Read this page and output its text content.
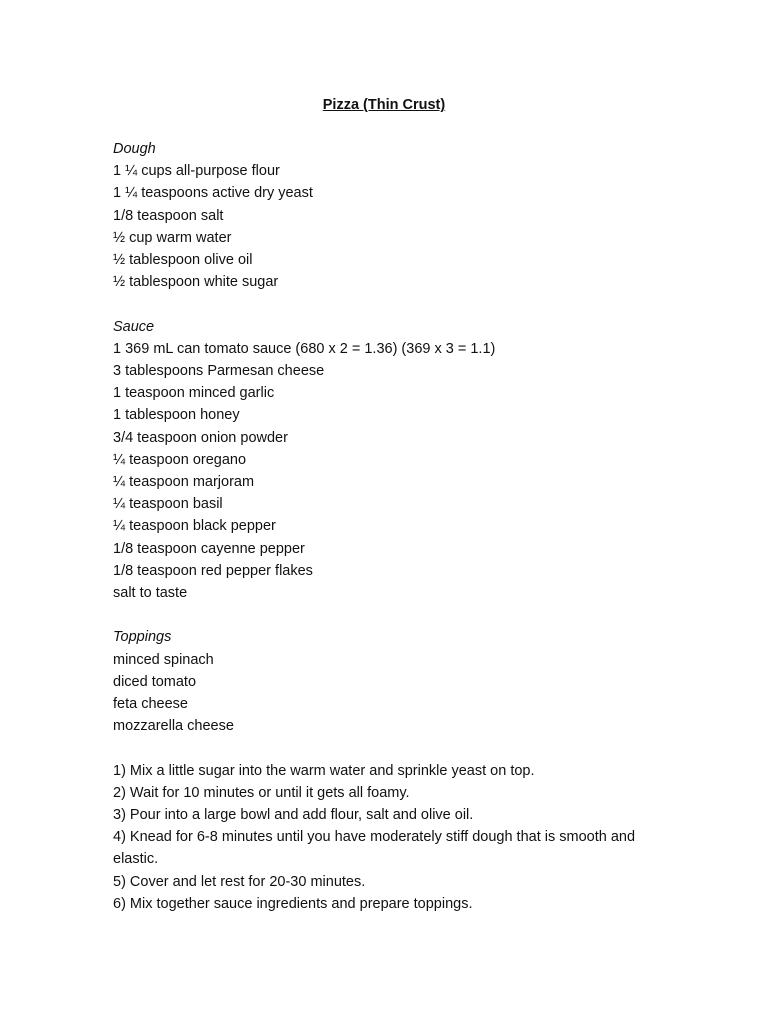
Pizza (Thin Crust)
Dough
1 ¼ cups all-purpose flour
1 ¼ teaspoons active dry yeast
1/8 teaspoon salt
½ cup warm water
½ tablespoon olive oil
½ tablespoon white sugar
Sauce
1 369 mL can tomato sauce (680 x 2 = 1.36) (369 x 3 = 1.1)
3 tablespoons Parmesan cheese
1 teaspoon minced garlic
1 tablespoon honey
3/4 teaspoon onion powder
¼ teaspoon oregano
¼ teaspoon marjoram
¼ teaspoon basil
¼ teaspoon black pepper
1/8 teaspoon cayenne pepper
1/8 teaspoon red pepper flakes
salt to taste
Toppings
minced spinach
diced tomato
feta cheese
mozzarella cheese
1) Mix a little sugar into the warm water and sprinkle yeast on top.
2) Wait for 10 minutes or until it gets all foamy.
3) Pour into a large bowl and add flour, salt and olive oil.
4) Knead for 6-8 minutes until you have moderately stiff dough that is smooth and elastic.
5) Cover and let rest for 20-30 minutes.
6) Mix together sauce ingredients and prepare toppings.
